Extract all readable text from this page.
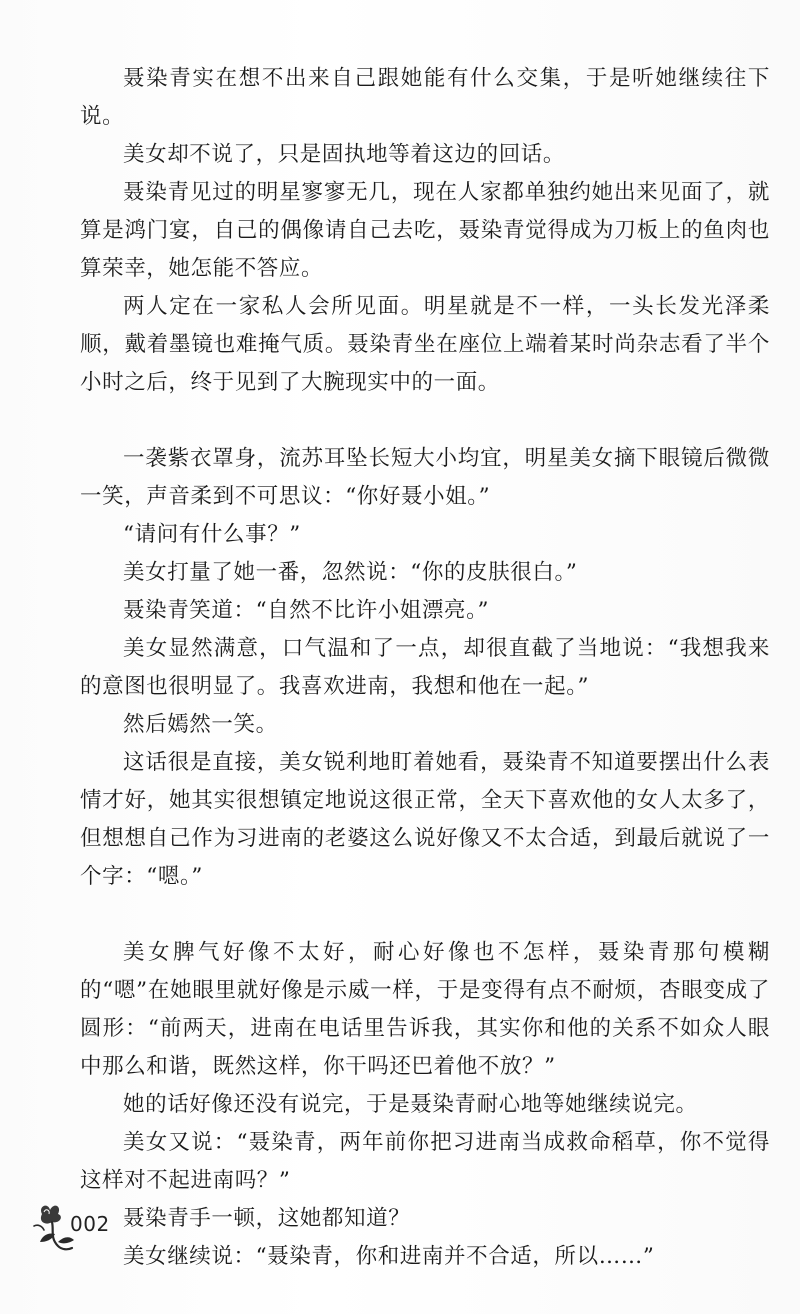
聂染青实在想不出来自己跟她能有什么交集，于是听她继续往下说。

美女却不说了，只是固执地等着这边的回话。

聂染青见过的明星寥寥无几，现在人家都单独约她出来见面了，就算是鸿门宴，自己的偶像请自己去吃，聂染青觉得成为刀板上的鱼肉也算荣幸，她怎能不答应。

两人定在一家私人会所见面。明星就是不一样，一头长发光泽柔顺，戴着墨镜也难掩气质。聂染青坐在座位上端着某时尚杂志看了半个小时之后，终于见到了大腕现实中的一面。

一袭紫衣罩身，流苏耳坠长短大小均宜，明星美女摘下眼镜后微微一笑，声音柔到不可思议：“你好聂小姐。”

“请问有什么事？”

美女打量了她一番，忽然说：“你的皮肤很白。”

聂染青笑道：“自然不比许小姐漂亮。”

美女显然满意，口气温和了一点，却很直截了当地说：“我想我来的意图也很明显了。我喜欢进南，我想和他在一起。”

然后嫣然一笑。

这话很是直接，美女锐利地盯着她看，聂染青不知道要摆出什么表情才好，她其实很想镇定地说这很正常，全天下喜欢他的女人太多了，但想想自己作为习进南的老婆这么说好像又不太合适，到最后就说了一个字：“嗯。”

美女脾气好像不太好，耐心好像也不怎样，聂染青那句模糊的“嗯”在她眼里就好像是示威一样，于是变得有点不耐烦，杏眼变成了圆形：“前两天，进南在电话里告诉我，其实你和他的关系不如众人眼中那么和谐，既然这样，你干吗还巴着他不放？”

她的话好像还没有说完，于是聂染青耐心地等她继续说完。

美女又说：“聂染青，两年前你把习进南当成救命稻草，你不觉得这样对不起进南吗？”

聂染青手一顿，这她都知道？

美女继续说：“聂染青，你和进南并不合适，所以……”

002
